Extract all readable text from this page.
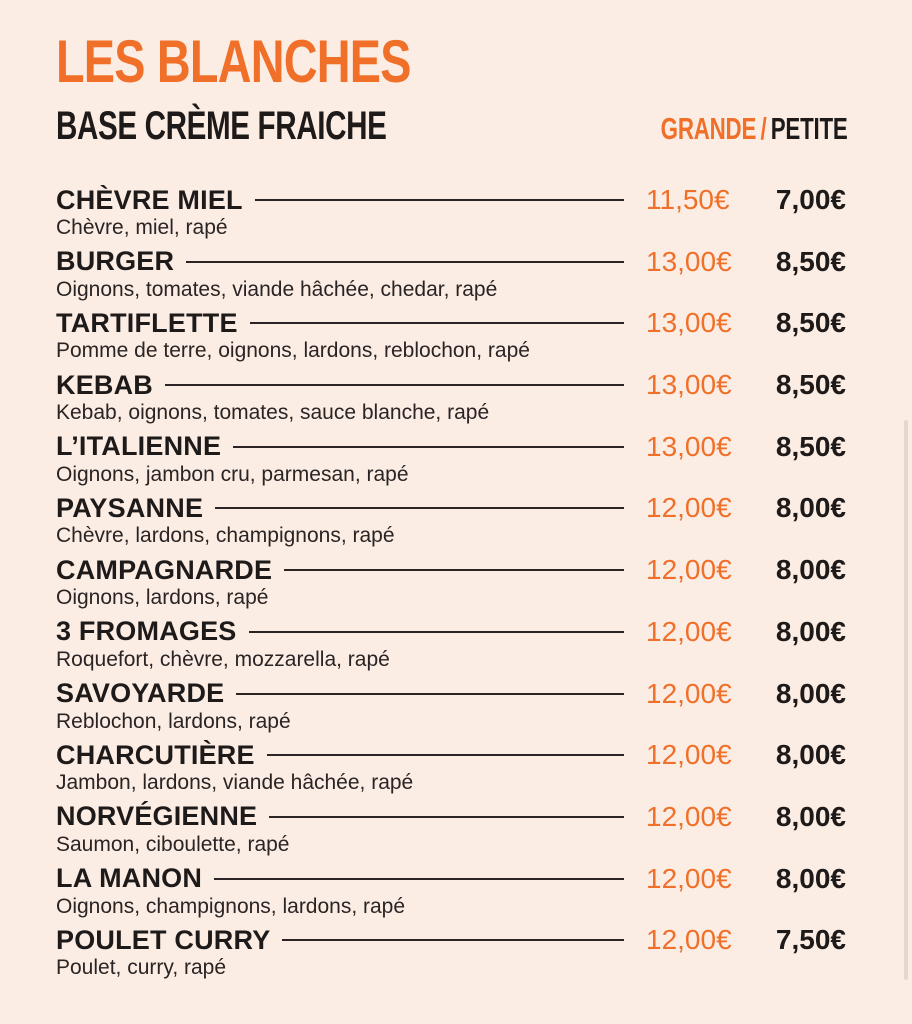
LES BLANCHES
BASE CRÈME FRAICHE	GRANDE / PETITE
CHÈVRE MIEL	11,50€	7,00€
Chèvre, miel, rapé
BURGER	13,00€	8,50€
Oignons, tomates, viande hâchée, chedar, rapé
TARTIFLETTE	13,00€	8,50€
Pomme de terre, oignons, lardons, reblochon, rapé
KEBAB	13,00€	8,50€
Kebab, oignons, tomates, sauce blanche, rapé
L’ITALIENNE	13,00€	8,50€
Oignons, jambon cru, parmesan, rapé
PAYSANNE	12,00€	8,00€
Chèvre, lardons, champignons, rapé
CAMPAGNARDE	12,00€	8,00€
Oignons, lardons, rapé
3 FROMAGES	12,00€	8,00€
Roquefort, chèvre, mozzarella, rapé
SAVOYARDE	12,00€	8,00€
Reblochon, lardons, rapé
CHARCUTIÈRE	12,00€	8,00€
Jambon, lardons, viande hâchée, rapé
NORVÉGIENNE	12,00€	8,00€
Saumon, ciboulette, rapé
LA MANON	12,00€	8,00€
Oignons, champignons, lardons, rapé
POULET CURRY	12,00€	7,50€
Poulet, curry, rapé
